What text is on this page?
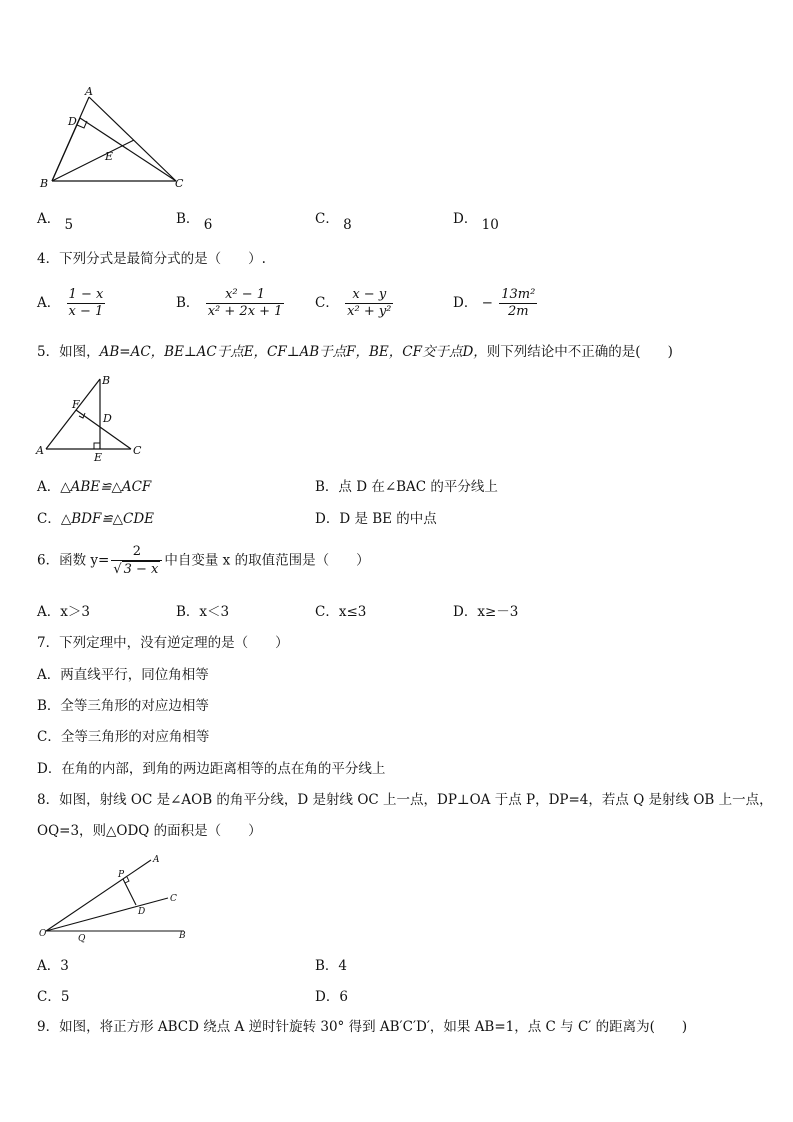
A
D
E
B	C
A． 5	B． 6	C． 8	D． 10
4．下列分式是最简分式的是（　　）.
A． $\frac{1 - x}{x - 1}$	B． $\frac{\text{x² − 1}}{\text{x² + 2x + 1}}$ C． $\frac{x - y}{\text{x² + y²}}$	D． − $\frac{\text{13m²}}{2m}$
5．如图，AB=AC，BE⊥AC于点E，CF⊥AB于点F，BE，CF交于点D，则下列结论中不正确的是(　　)
B
F
D
A
E
C
A．△ABE≌△ACF	B．点 D 在∠BAC 的平分线上
C．△BDF≌△CDE	D．D 是 BE 的中点
6．函数 $y= \frac{2}{√ 3 - x}$ 中自变量 x 的取值范围是（　　）
A．x＞3	B．x＜3	C．x≤3	D．x≥－3
7．下列定理中，没有逆定理的是（　　）
A．两直线平行，同位角相等
B．全等三角形的对应边相等
C．全等三角形的对应角相等
D．在角的内部，到角的两边距离相等的点在角的平分线上
8．如图，射线 OC 是∠AOB 的角平分线，D 是射线 OC 上一点，DP⊥OA 于点 P，DP=4，若点 Q 是射线 OB 上一点，
OQ=3，则△ODQ 的面积是（　　）
A
P
C
D
O	Q	B
A．3	B．4
C．5	D．6
9．如图，将正方形 ABCD 绕点 A 逆时针旋转 30° 得到 AB′C′D′，如果 AB=1，点 C 与 C′ 的距离为(　　)
